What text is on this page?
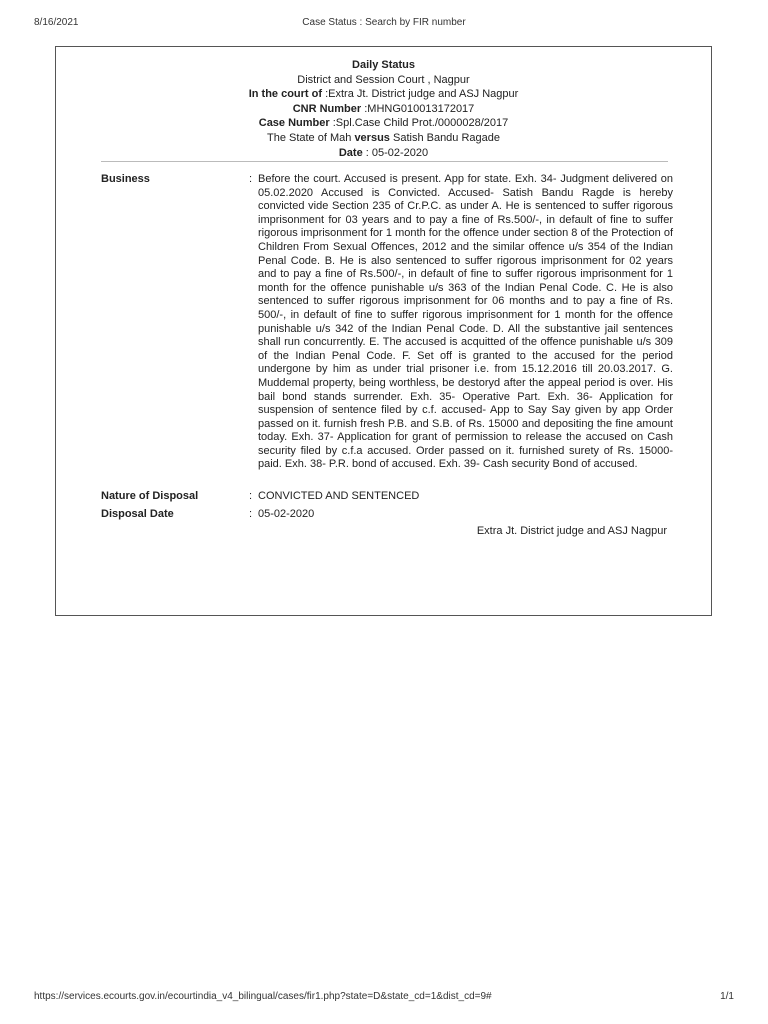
8/16/2021	Case Status : Search by FIR number
Daily Status
District and Session Court , Nagpur
In the court of :Extra Jt. District judge and ASJ Nagpur
CNR Number :MHNG010013172017
Case Number :Spl.Case Child Prot./0000028/2017
The State of Mah versus Satish Bandu Ragade
Date : 05-02-2020
Business	: Before the court. Accused is present. App for state. Exh. 34- Judgment delivered on 05.02.2020 Accused is Convicted. Accused- Satish Bandu Ragde is hereby convicted vide Section 235 of Cr.P.C. as under A. He is sentenced to suffer rigorous imprisonment for 03 years and to pay a fine of Rs.500/-, in default of fine to suffer rigorous imprisonment for 1 month for the offence under section 8 of the Protection of Children From Sexual Offences, 2012 and the similar offence u/s 354 of the Indian Penal Code. B. He is also sentenced to suffer rigorous imprisonment for 02 years and to pay a fine of Rs.500/-, in default of fine to suffer rigorous imprisonment for 1 month for the offence punishable u/s 363 of the Indian Penal Code. C. He is also sentenced to suffer rigorous imprisonment for 06 months and to pay a fine of Rs. 500/-, in default of fine to suffer rigorous imprisonment for 1 month for the offence punishable u/s 342 of the Indian Penal Code. D. All the substantive jail sentences shall run concurrently. E. The accused is acquitted of the offence punishable u/s 309 of the Indian Penal Code. F. Set off is granted to the accused for the period undergone by him as under trial prisoner i.e. from 15.12.2016 till 20.03.2017. G. Muddemal property, being worthless, be destoryd after the appeal period is over. His bail bond stands surrender. Exh. 35- Operative Part. Exh. 36- Application for suspension of sentence filed by c.f. accused- App to Say Say given by app Order passed on it. furnish fresh P.B. and S.B. of Rs. 15000 and depositing the fine amount today. Exh. 37- Application for grant of permission to release the accused on Cash security filed by c.f.a accused. Order passed on it. furnished surety of Rs. 15000-paid. Exh. 38- P.R. bond of accused. Exh. 39- Cash security Bond of accused.
Nature of Disposal	: CONVICTED AND SENTENCED
Disposal Date	: 05-02-2020
Extra Jt. District judge and ASJ Nagpur
https://services.ecourts.gov.in/ecourtindia_v4_bilingual/cases/fir1.php?state=D&state_cd=1&dist_cd=9#	1/1
